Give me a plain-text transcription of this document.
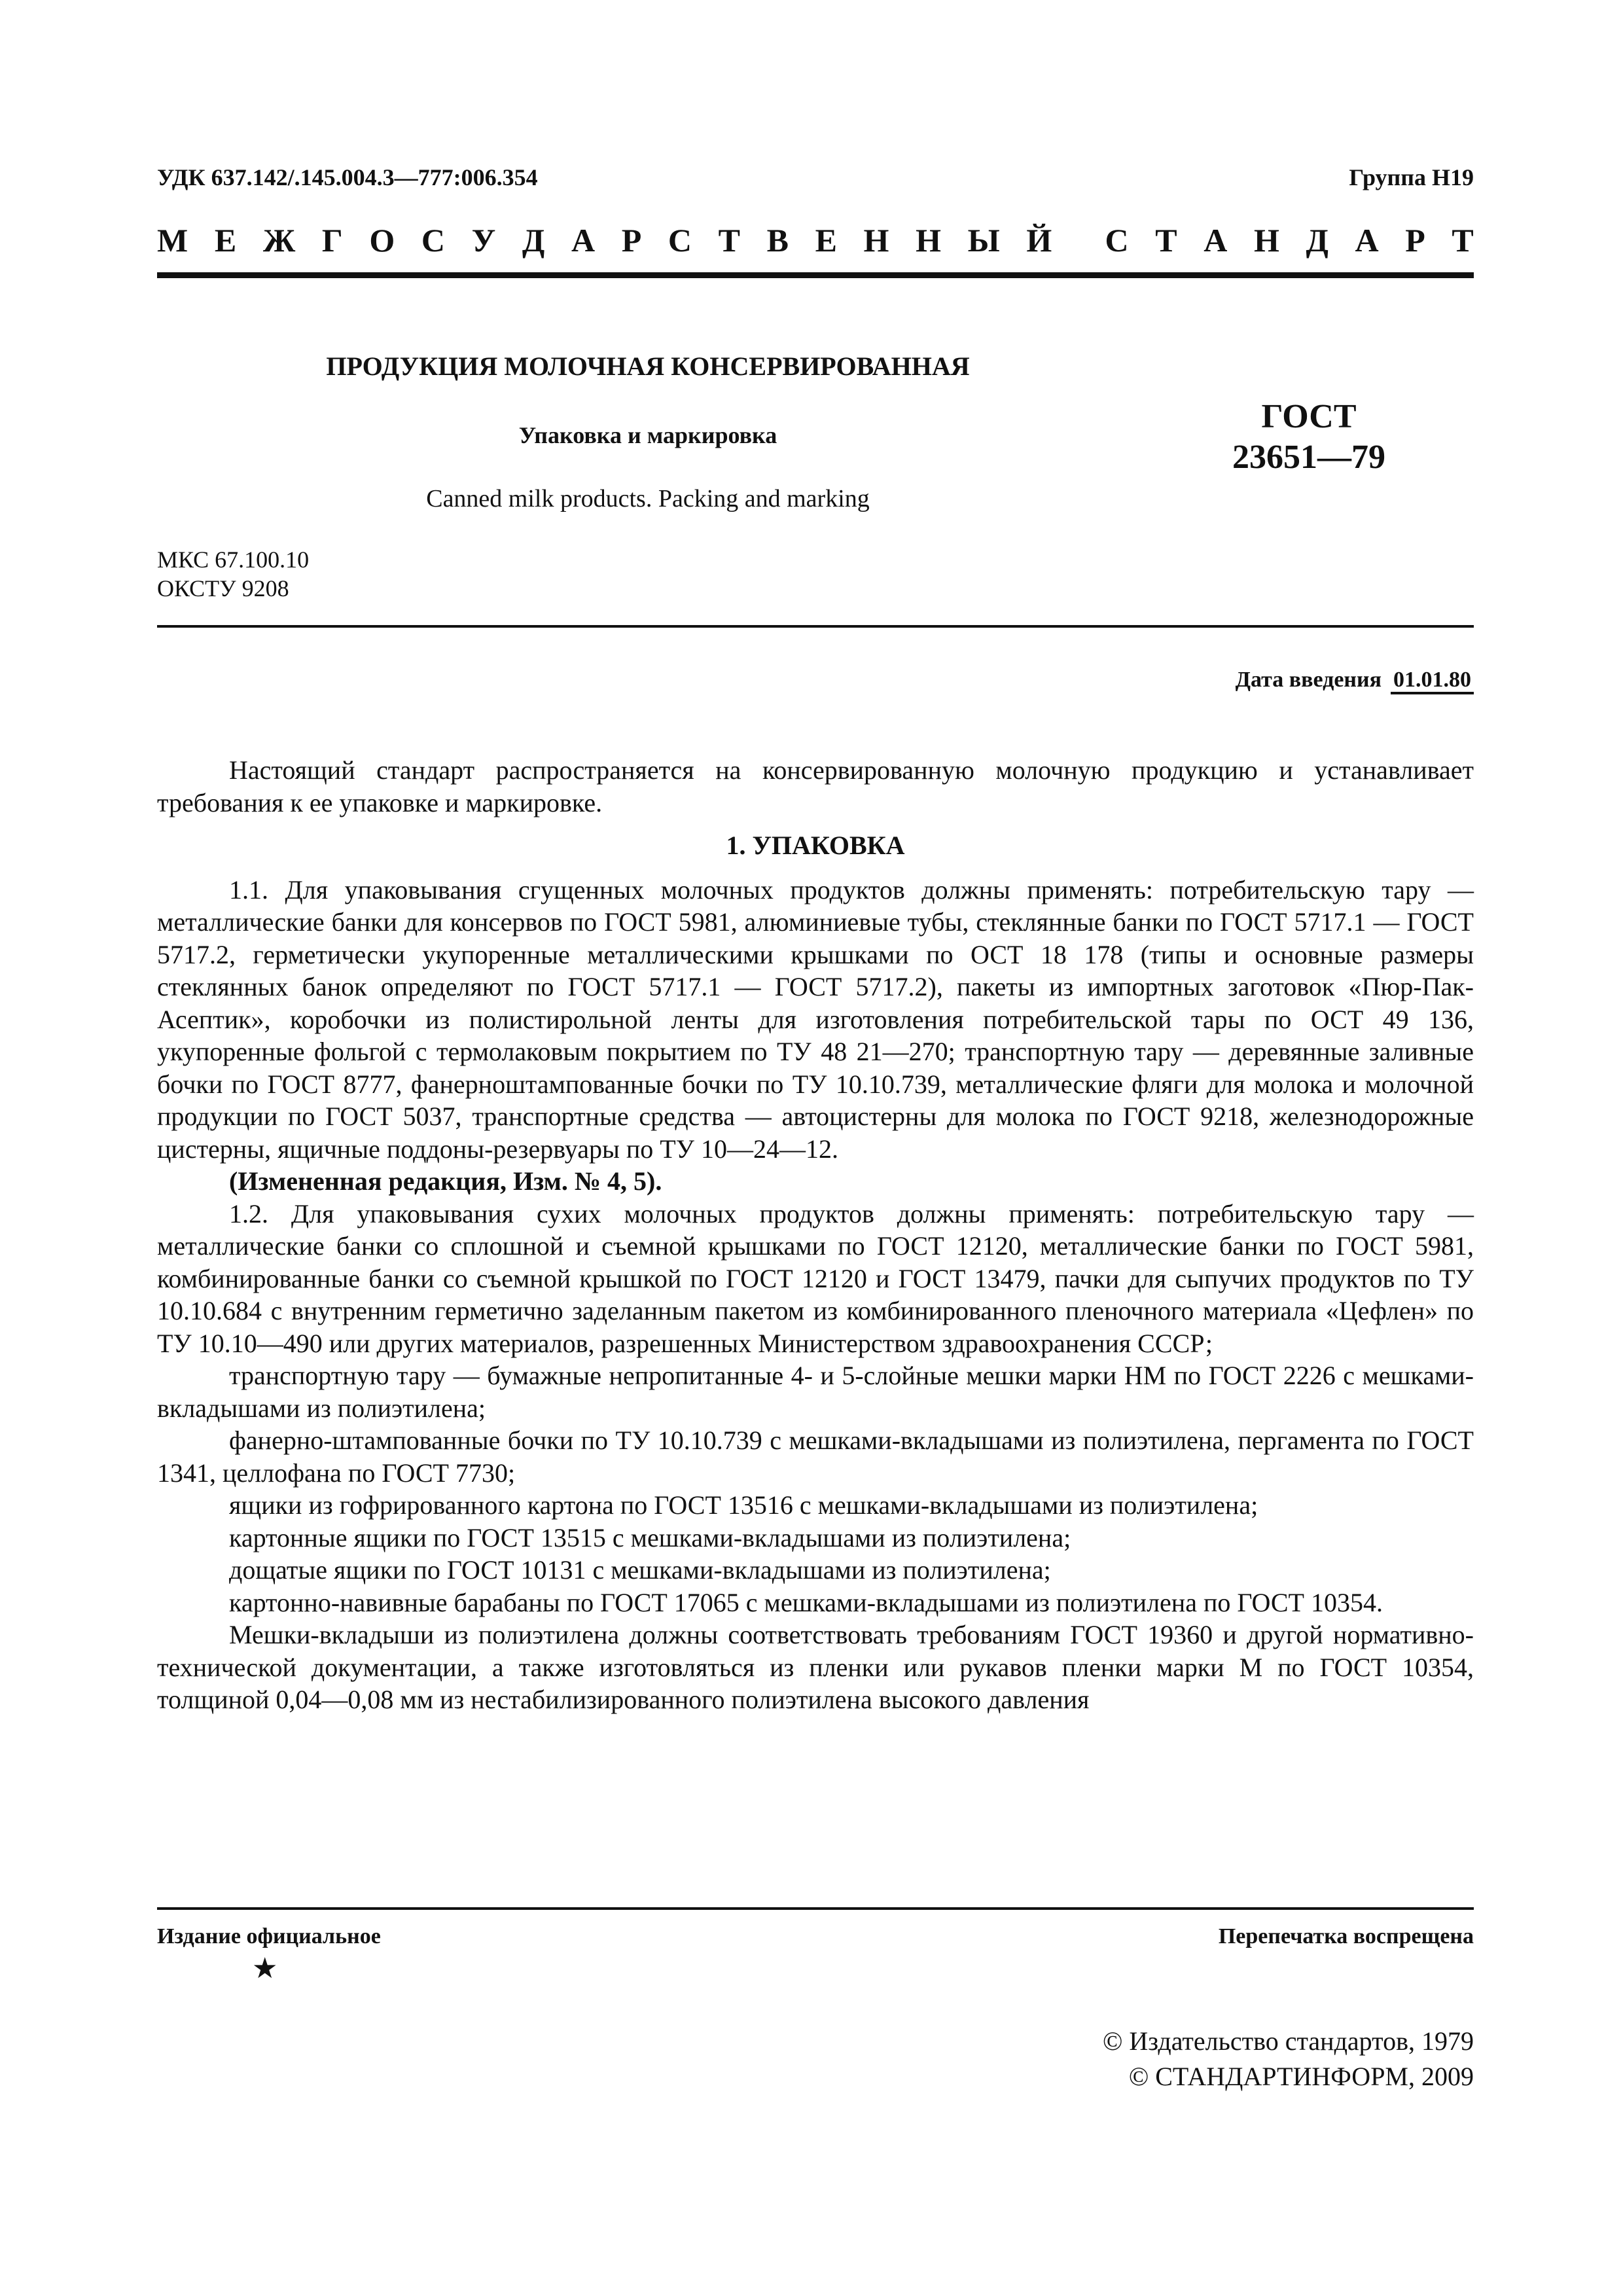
УДК 637.142/.145.004.3—777:006.354	Группа Н19
М Е Ж Г О С У Д А Р С Т В Е Н Н Ы Й С Т А Н Д А Р Т
ПРОДУКЦИЯ МОЛОЧНАЯ КОНСЕРВИРОВАННАЯ
Упаковка и маркировка
Canned milk products. Packing and marking
ГОСТ
23651—79
МКС 67.100.10
ОКСТУ 9208
Дата введения 01.01.80

Настоящий стандарт распространяется на консервированную молочную продукцию и устанавливает требования к ее упаковке и маркировке.

1. УПАКОВКА

1.1. Для упаковывания сгущенных молочных продуктов должны применять: потребительскую тару — металлические банки для консервов по ГОСТ 5981, алюминиевые тубы, стеклянные банки по ГОСТ 5717.1 — ГОСТ 5717.2, герметически укупоренные металлическими крышками по ОСТ 18 178 (типы и основные размеры стеклянных банок определяют по ГОСТ 5717.1 — ГОСТ 5717.2), пакеты из импортных заготовок «Пюр-Пак-Асептик», коробочки из полистирольной ленты для изготовления потребительской тары по ОСТ 49 136, укупоренные фольгой с термолаковым покрытием по ТУ 48 21—270; транспортную тару — деревянные заливные бочки по ГОСТ 8777, фанерноштампованные бочки по ТУ 10.10.739, металлические фляги для молока и молочной продукции по ГОСТ 5037, транспортные средства — автоцистерны для молока по ГОСТ 9218, железнодорожные цистерны, ящичные поддоны-резервуары по ТУ 10—24—12.

(Измененная редакция, Изм. № 4, 5).

1.2. Для упаковывания сухих молочных продуктов должны применять: потребительскую тару — металлические банки со сплошной и съемной крышками по ГОСТ 12120, металлические банки по ГОСТ 5981, комбинированные банки со съемной крышкой по ГОСТ 12120 и ГОСТ 13479, пачки для сыпучих продуктов по ТУ 10.10.684 с внутренним герметично заделанным пакетом из комбинированного пленочного материала «Цефлен» по ТУ 10.10—490 или других материалов, разрешенных Министерством здравоохранения СССР;

транспортную тару — бумажные непропитанные 4- и 5-слойные мешки марки НМ по ГОСТ 2226 с мешками-вкладышами из полиэтилена;

фанерно-штампованные бочки по ТУ 10.10.739 с мешками-вкладышами из полиэтилена, пергамента по ГОСТ 1341, целлофана по ГОСТ 7730;

ящики из гофрированного картона по ГОСТ 13516 с мешками-вкладышами из полиэтилена;

картонные ящики по ГОСТ 13515 с мешками-вкладышами из полиэтилена;

дощатые ящики по ГОСТ 10131 с мешками-вкладышами из полиэтилена;

картонно-навивные барабаны по ГОСТ 17065 с мешками-вкладышами из полиэтилена по ГОСТ 10354.

Мешки-вкладыши из полиэтилена должны соответствовать требованиям ГОСТ 19360 и другой нормативно-технической документации, а также изготовляться из пленки или рукавов пленки марки М по ГОСТ 10354, толщиной 0,04—0,08 мм из нестабилизированного полиэтилена высокого давления

Издание официальное	Перепечатка воспрещена
★
© Издательство стандартов, 1979
© СТАНДАРТИНФОРМ, 2009
